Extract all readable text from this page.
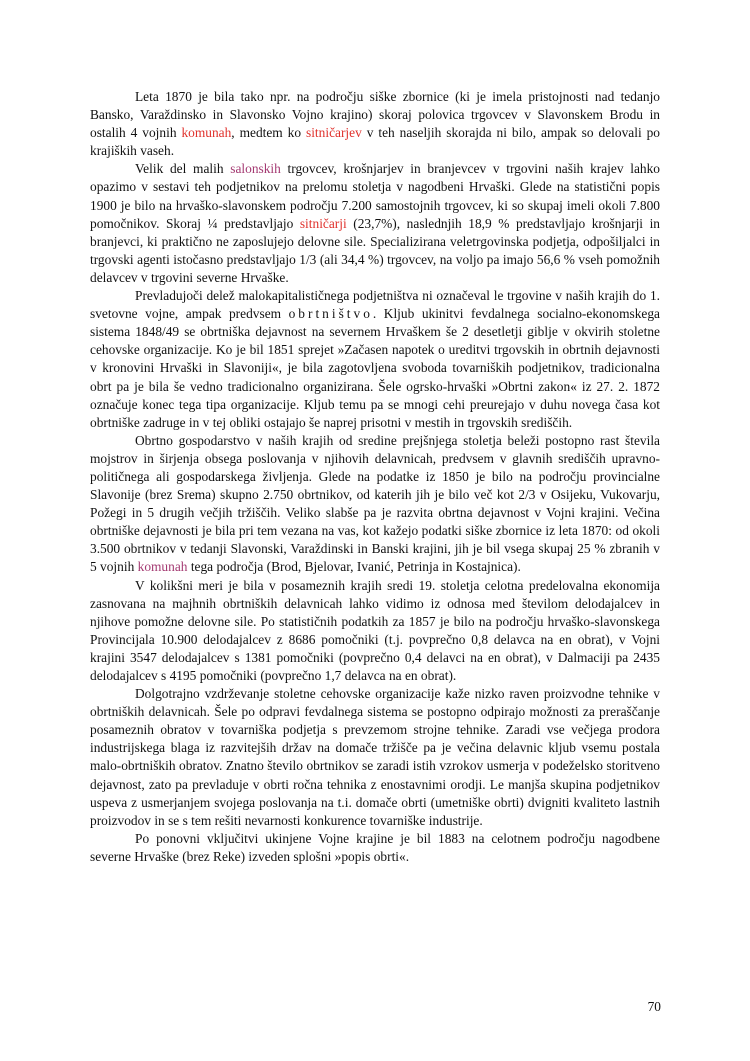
Leta 1870 je bila tako npr. na področju siške zbornice (ki je imela pristojnosti nad tedanjo Bansko, Varaždinsko in Slavonsko Vojno krajino) skoraj polovica trgovcev v Slavonskem Brodu in ostalih 4 vojnih komunah, medtem ko sitničarjev v teh naseljih skorajda ni bilo, ampak so delovali po krajiških vaseh.

Velik del malih salonskih trgovcev, krošnjarjev in branjevcev v trgovini naših krajev lahko opazimo v sestavi teh podjetnikov na prelomu stoletja v nagodbeni Hrvaški. Glede na statistični popis 1900 je bilo na hrvaško-slavonskem področju 7.200 samostojnih trgovcev, ki so skupaj imeli okoli 7.800 pomočnikov. Skoraj ¼ predstavljajo sitničarji (23,7%), naslednjih 18,9 % predstavljajo krošnjarji in branjevci, ki praktično ne zaposlujejo delovne sile. Specializirana veletrgovinska podjetja, odpošiljalci in trgovski agenti istočasno predstavljajo 1/3 (ali 34,4 %) trgovcev, na voljo pa imajo 56,6 % vseh pomožnih delavcev v trgovini severne Hrvaške.

Prevladujoči delež malokapitalističnega podjetništva ni označeval le trgovine v naših krajih do 1. svetovne vojne, ampak predvsem obrtništvo. Kljub ukinitvi fevdalnega socialno-ekonomskega sistema 1848/49 se obrtniška dejavnost na severnem Hrvaškem še 2 desetletji giblje v okvirih stoletne cehovske organizacije. Ko je bil 1851 sprejet »Začasen napotek o ureditvi trgovskih in obrtnih dejavnosti v kronovini Hrvaški in Slavoniji«, je bila zagotovljena svoboda tovarniških podjetnikov, tradicionalna obrt pa je bila še vedno tradicionalno organizirana. Šele ogrsko-hrvaški »Obrtni zakon« iz 27. 2. 1872 označuje konec tega tipa organizacije. Kljub temu pa se mnogi cehi preurejajo v duhu novega časa kot obrtniške zadruge in v tej obliki ostajajo še naprej prisotni v mestih in trgovskih središčih.

Obrtno gospodarstvo v naših krajih od sredine prejšnjega stoletja beleži postopno rast števila mojstrov in širjenja obsega poslovanja v njihovih delavnicah, predvsem v glavnih središčih upravno-političnega ali gospodarskega življenja. Glede na podatke iz 1850 je bilo na področju provincialne Slavonije (brez Srema) skupno 2.750 obrtnikov, od katerih jih je bilo več kot 2/3 v Osijeku, Vukovarju, Požegi in 5 drugih večjih tržiščih. Veliko slabše pa je razvita obrtna dejavnost v Vojni krajini. Večina obrtniške dejavnosti je bila pri tem vezana na vas, kot kažejo podatki siške zbornice iz leta 1870: od okoli 3.500 obrtnikov v tedanji Slavonski, Varaždinski in Banski krajini, jih je bil vsega skupaj 25 % zbranih v 5 vojnih komunah tega področja (Brod, Bjelovar, Ivanić, Petrinja in Kostajnica).

V kolikšni meri je bila v posameznih krajih sredi 19. stoletja celotna predelovalna ekonomija zasnovana na majhnih obrtniških delavnicah lahko vidimo iz odnosa med številom delodajalcev in njihove pomožne delovne sile. Po statističnih podatkih za 1857 je bilo na področju hrvaško-slavonskega Provincijala 10.900 delodajalcev z 8686 pomočniki (t.j. povprečno 0,8 delavca na en obrat), v Vojni krajini 3547 delodajalcev s 1381 pomočniki (povprečno 0,4 delavci na en obrat), v Dalmaciji pa 2435 delodajalcev s 4195 pomočniki (povprečno 1,7 delavca na en obrat).

Dolgotrajno vzdrževanje stoletne cehovske organizacije kaže nizko raven proizvodne tehnike v obrtniških delavnicah. Šele po odpravi fevdalnega sistema se postopno odpirajo možnosti za preraščanje posameznih obratov v tovarniška podjetja s prevzemom strojne tehnike. Zaradi vse večjega prodora industrijskega blaga iz razvitejših držav na domače tržišče pa je večina delavnic kljub vsemu postala malo-obrtniških obratov. Znatno število obrtnikov se zaradi istih vzrokov usmerja v podeželsko storitveno dejavnost, zato pa prevladuje v obrti ročna tehnika z enostavnimi orodji. Le manjša skupina podjetnikov uspeva z usmerjanjem svojega poslovanja na t.i. domače obrti (umetniške obrti) dvigniti kvaliteto lastnih proizvodov in se s tem rešiti nevarnosti konkurence tovarniške industrije.

Po ponovni vključitvi ukinjene Vojne krajine je bil 1883 na celotnem področju nagodbene severne Hrvaške (brez Reke) izveden splošni »popis obrti«.

70
